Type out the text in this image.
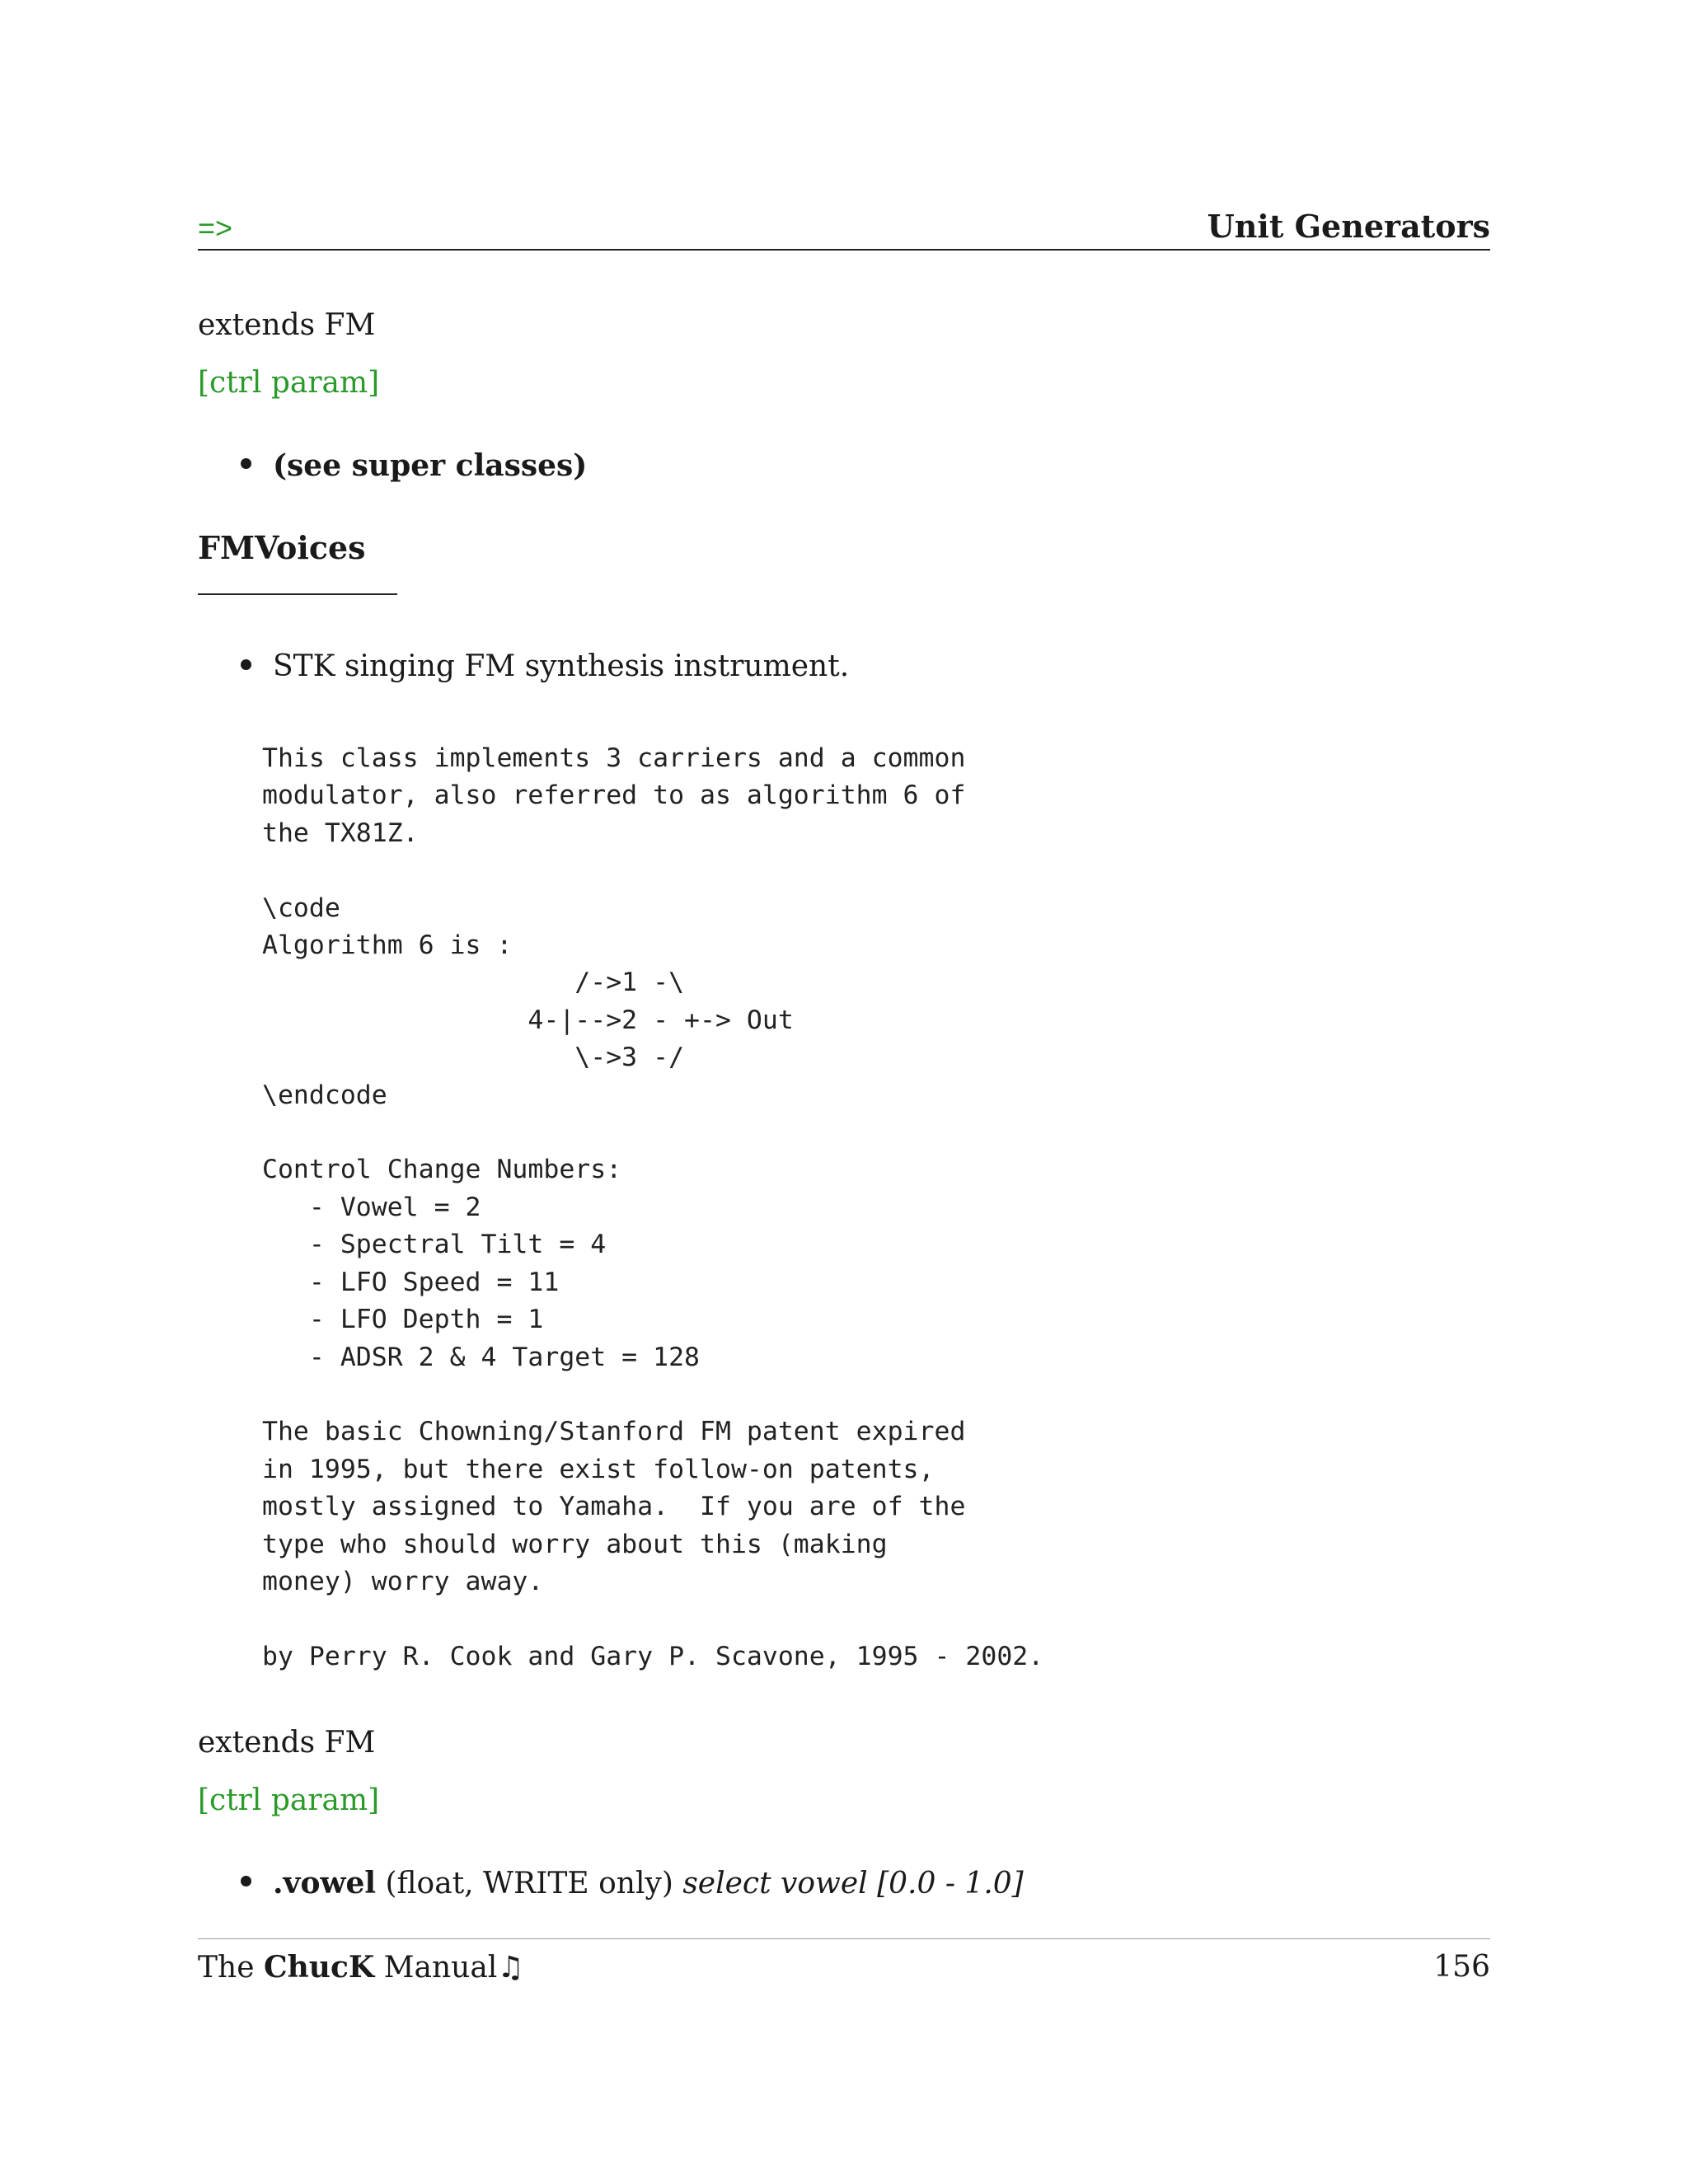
=>	Unit Generators
extends FM
[ctrl param]
(see super classes)
FMVoices
STK singing FM synthesis instrument.
This class implements 3 carriers and a common
modulator, also referred to as algorithm 6 of
the TX81Z.

\code
Algorithm 6 is :
/->1 -\
4-|-->2 - +-> Out
\->3 -/
\endcode

Control Change Numbers:
- Vowel = 2
- Spectral Tilt = 4
- LFO Speed = 11
- LFO Depth = 1
- ADSR 2 & 4 Target = 128

The basic Chowning/Stanford FM patent expired
in 1995, but there exist follow-on patents,
mostly assigned to Yamaha.  If you are of the
type who should worry about this (making
money) worry away.

by Perry R. Cook and Gary P. Scavone, 1995 - 2002.
extends FM
[ctrl param]
.vowel (float, WRITE only) select vowel [0.0 - 1.0]
The ChucK Manual♫	156
